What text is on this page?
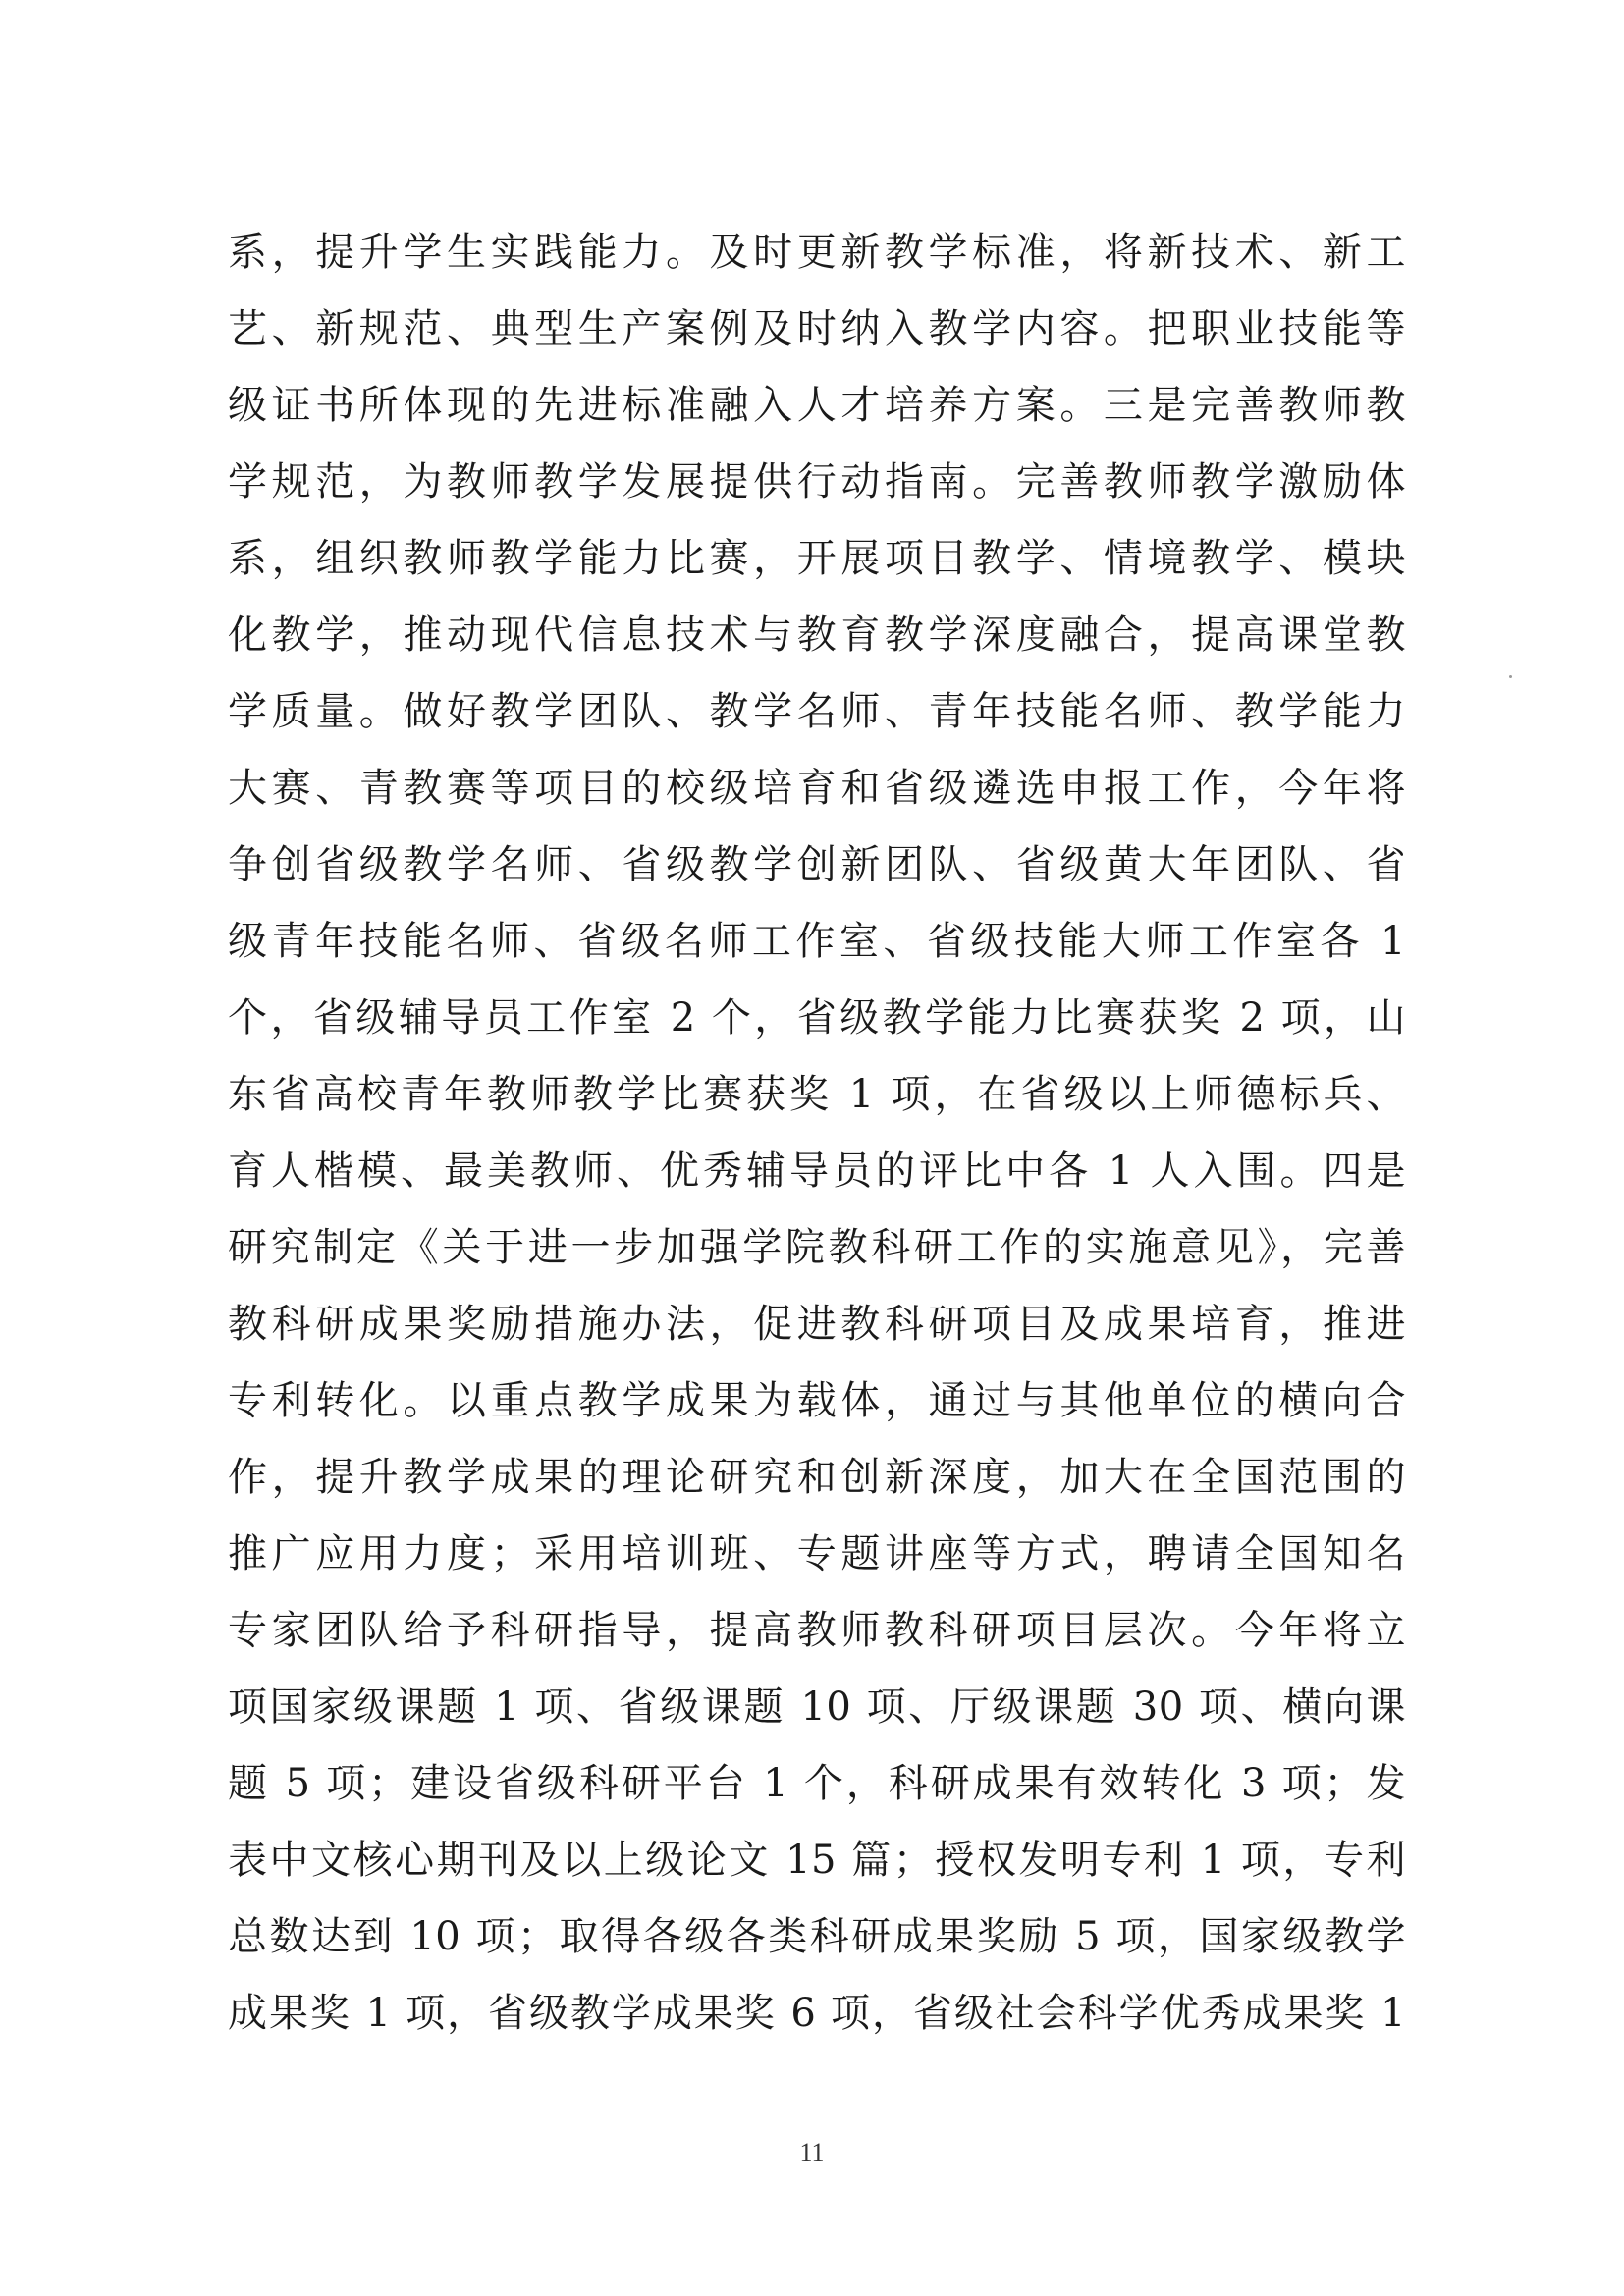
系，提升学生实践能力。及时更新教学标准，将新技术、新工
艺、新规范、典型生产案例及时纳入教学内容。把职业技能等
级证书所体现的先进标准融入人才培养方案。三是完善教师教
学规范，为教师教学发展提供行动指南。完善教师教学激励体
系，组织教师教学能力比赛，开展项目教学、情境教学、模块
化教学，推动现代信息技术与教育教学深度融合，提高课堂教
学质量。做好教学团队、教学名师、青年技能名师、教学能力
大赛、青教赛等项目的校级培育和省级遴选申报工作，今年将
争创省级教学名师、省级教学创新团队、省级黄大年团队、省
级青年技能名师、省级名师工作室、省级技能大师工作室各 1
个，省级辅导员工作室 2 个，省级教学能力比赛获奖 2 项，山
东省高校青年教师教学比赛获奖 1 项，在省级以上师德标兵、
育人楷模、最美教师、优秀辅导员的评比中各 1 人入围。四是
研究制定《关于进一步加强学院教科研工作的实施意见》，完善
教科研成果奖励措施办法，促进教科研项目及成果培育，推进
专利转化。以重点教学成果为载体，通过与其他单位的横向合
作，提升教学成果的理论研究和创新深度，加大在全国范围的
推广应用力度；采用培训班、专题讲座等方式，聘请全国知名
专家团队给予科研指导，提高教师教科研项目层次。今年将立
项国家级课题 1 项、省级课题 10 项、厅级课题 30 项、横向课
题 5 项；建设省级科研平台 1 个，科研成果有效转化 3 项；发
表中文核心期刊及以上级论文 15 篇；授权发明专利 1 项，专利
总数达到 10 项；取得各级各类科研成果奖励 5 项，国家级教学
成果奖 1 项，省级教学成果奖 6 项，省级社会科学优秀成果奖 1
11
